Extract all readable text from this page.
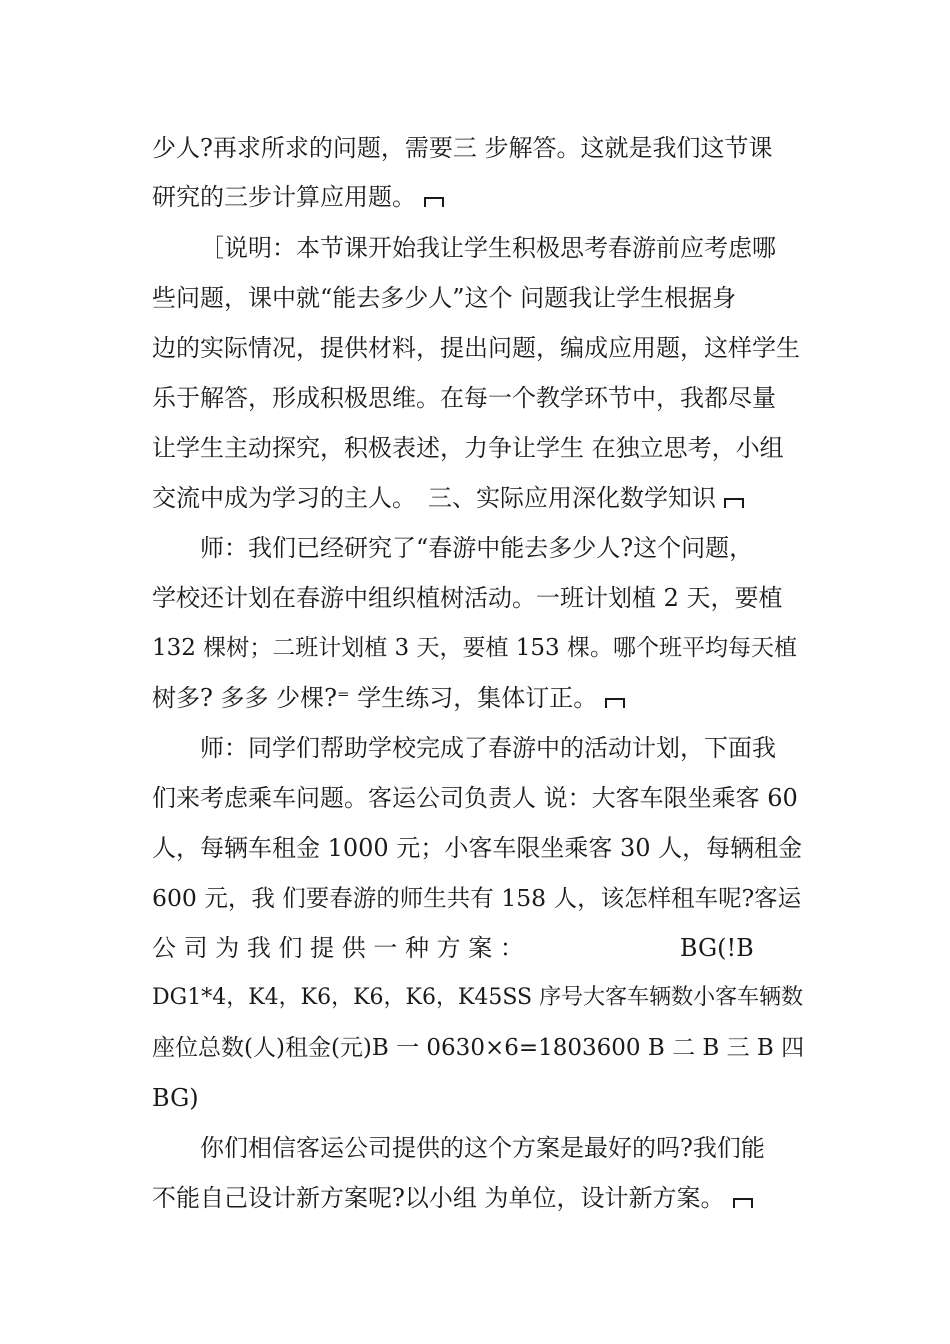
少人?再求所求的问题，需要三 步解答。这就是我们这节课
研究的三步计算应用题。
［说明：本节课开始我让学生积极思考春游前应考虑哪
些问题，课中就“能去多少人”这个 问题我让学生根据身
边的实际情况，提供材料，提出问题，编成应用题，这样学生
乐于解答，形成积极思维。在每一个教学环节中，我都尽量
让学生主动探究，积极表述，力争让学生 在独立思考，小组
交流中成为学习的主人。　三、实际应用深化数学知识
师：我们已经研究了“春游中能去多少人?这个问题，
学校还计划在春游中组织植树活动。一班计划植 2 天，要植
132 棵树；二班计划植 3 天，要植 153 棵。哪个班平均每天植
树多? 多多 少棵?⁼ 学生练习，集体订正。
师：同学们帮助学校完成了春游中的活动计划，下面我
们来考虑乘车问题。客运公司负责人 说：大客车限坐乘客 60
人，每辆车租金 1000 元；小客车限坐乘客 30 人，每辆租金
600 元，我 们要春游的师生共有 158 人，该怎样租车呢?客运
公 司 为 我 们 提 供 一 种 方 案 ：　　　　　　　BG(!B
DG1*4，K4，K6，K6，K6，K45SS 序号大客车辆数小客车辆数
座位总数(人)租金(元)B 一 0630×6=1803600 B 二 B 三 B 四
BG)
你们相信客运公司提供的这个方案是最好的吗?我们能
不能自己设计新方案呢?以小组 为单位，设计新方案。
